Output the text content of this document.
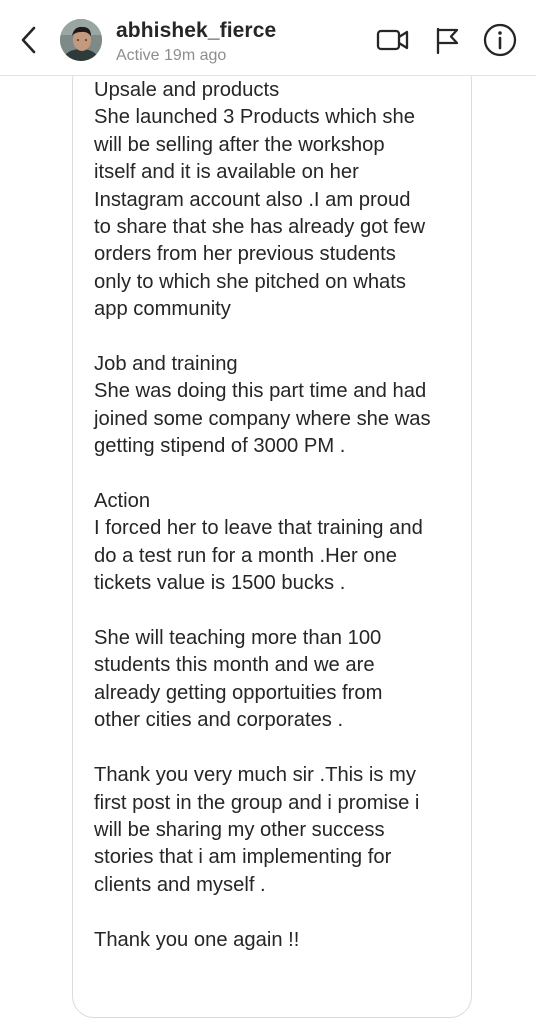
Upsale and products

She launched 3 Products which she

will be selling after the workshop

itself and it is available on her

Instagram account also .I am proud

to share that she has already got few

orders from her previous students

only to which she pitched on whats

app community

Job and training

She was doing this part time and had

joined some company where she was

getting stipend of 3000 PM .

Action

I forced her to leave that training and

do a test run for a month .Her one

tickets value is 1500 bucks .

She will teaching more than 100

students this month and we are

already getting opportuities from

other cities and corporates .

Thank you very much sir .This is my

first post in the group and i promise i

will be sharing my other success

stories that i am implementing for

clients and myself .

Thank you one again !!

abhishek_fierce
Active 19m ago
